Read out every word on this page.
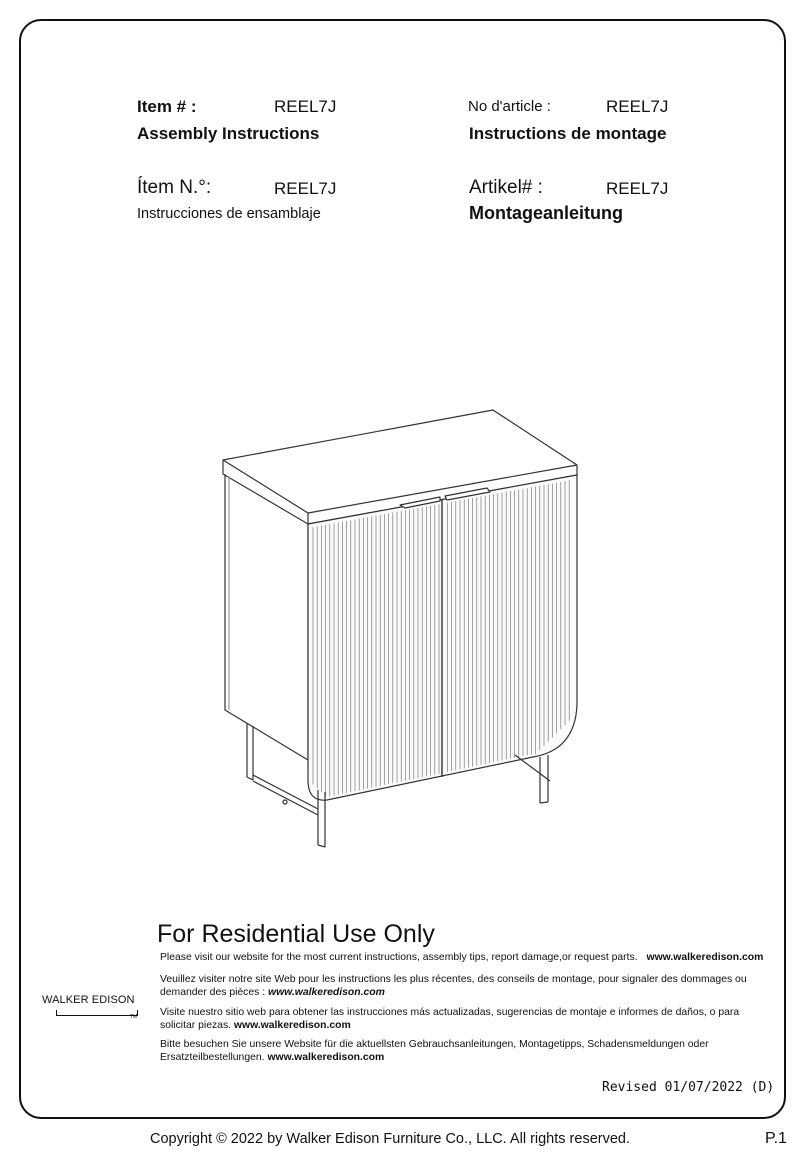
Item # :	REEL7J
Assembly Instructions
No d'article :	REEL7J
Instructions de montage
Ítem N.°:	REEL7J
Instrucciones de ensamblaje
Artikel# :	REEL7J
Montageanleitung
For Residential Use Only
Please visit our website for the most current instructions, assembly tips, report damage,or request parts. www.walkeredison.com
Veuillez visiter notre site Web pour les instructions les plus récentes, des conseils de montage, pour signaler des dommages ou demander des pièces : www.walkeredison.com
Visite nuestro sitio web para obtener las instrucciones más actualizadas, sugerencias de montaje e informes de daños, o para solicitar piezas. www.walkeredison.com
Bitte besuchen Sie unsere Website für die aktuellsten Gebrauchsanleitungen, Montagetipps, Schadensmeldungen oder Ersatzteilbestellungen. www.walkeredison.com
WALKER EDISON
TM
Revised 01/07/2022 (D)
Copyright © 2022 by Walker Edison Furniture Co., LLC. All rights reserved.	P.1
